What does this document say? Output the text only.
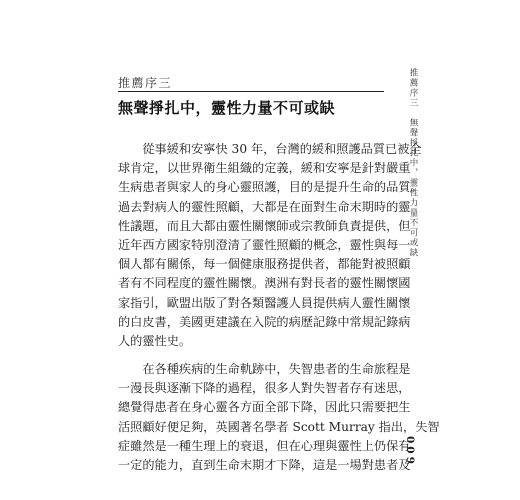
推薦序三
無聲掙扎中，靈性力量不可或缺
　　從事緩和安寧快 30 年，台灣的緩和照護品質已被全
球肯定，以世界衛生組織的定義，緩和安寧是針對嚴重
生病患者與家人的身心靈照護，目的是提升生命的品質。
過去對病人的靈性照顧，大都是在面對生命末期時的靈
性議題，而且大都由靈性關懷師或宗教師負責提供，但
近年西方國家特別澄清了靈性照顧的概念，靈性與每一
個人都有關係，每一個健康服務提供者，都能對被照顧
者有不同程度的靈性關懷。澳洲有對長者的靈性關懷國
家指引，歐盟出版了對各類醫護人員提供病人靈性關懷
的白皮書，美國更建議在入院的病歷記錄中常規記錄病
人的靈性史。
　　在各種疾病的生命軌跡中，失智患者的生命旅程是
一漫長與逐漸下降的過程，很多人對失智者存有迷思，
總覺得患者在身心靈各方面全部下降，因此只需要把生
活照顧好便足夠，英國著名學者 Scott Murray 指出，失智
症雖然是一種生理上的衰退，但在心理與靈性上仍保有
一定的能力，直到生命末期才下降，這是一場對患者及
推薦序三　無聲掙扎中，靈性力量不可或缺
009
